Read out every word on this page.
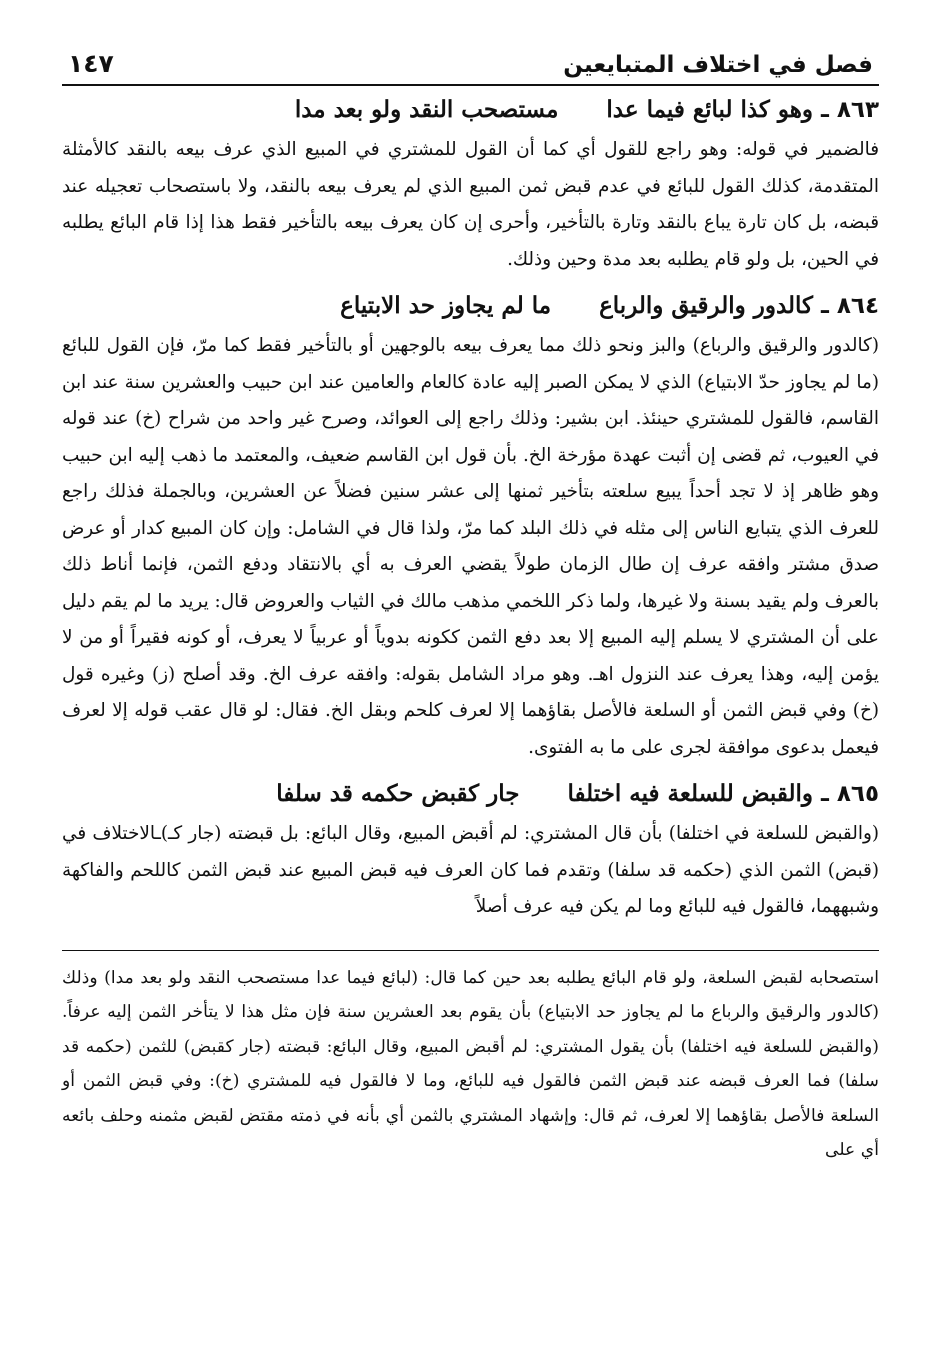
فصل في اختلاف المتبايعين
١٤٧
٨٦٣ ـ
وهو كذا لبائع فيما عدا
مستصحب النقد ولو بعد مدا

فالضمير في قوله: وهو راجع للقول أي كما أن القول للمشتري في المبيع الذي عرف بيعه بالنقد كالأمثلة المتقدمة، كذلك القول للبائع في عدم قبض ثمن المبيع الذي لم يعرف بيعه بالنقد، ولا باستصحاب تعجيله عند قبضه، بل كان تارة يباع بالنقد وتارة بالتأخير، وأحرى إن كان يعرف بيعه بالتأخير فقط هذا إذا قام البائع يطلبه في الحين، بل ولو قام يطلبه بعد مدة وحين وذلك.

٨٦٤ ـ
كالدور والرقيق والرباع
ما لم يجاوز حد الابتياع

(كالدور والرقيق والرباع) والبز ونحو ذلك مما يعرف بيعه بالوجهين أو بالتأخير فقط كما مرّ، فإن القول للبائع (ما لم يجاوز حدّ الابتياع) الذي لا يمكن الصبر إليه عادة كالعام والعامين عند ابن حبيب والعشرين سنة عند ابن القاسم، فالقول للمشتري حينئذ. ابن بشير: وذلك راجع إلى العوائد، وصرح غير واحد من شراح (خ) عند قوله في العيوب، ثم قضى إن أثبت عهدة مؤرخة الخ. بأن قول ابن القاسم ضعيف، والمعتمد ما ذهب إليه ابن حبيب وهو ظاهر إذ لا تجد أحداً يبيع سلعته بتأخير ثمنها إلى عشر سنين فضلاً عن العشرين، وبالجملة فذلك راجع للعرف الذي يتبايع الناس إلى مثله في ذلك البلد كما مرّ، ولذا قال في الشامل: وإن كان المبيع كدار أو عرض صدق مشتر وافقه عرف إن طال الزمان طولاً يقضي العرف به أي بالانتقاد ودفع الثمن، فإنما أناط ذلك بالعرف ولم يقيد بسنة ولا غيرها، ولما ذكر اللخمي مذهب مالك في الثياب والعروض قال: يريد ما لم يقم دليل على أن المشتري لا يسلم إليه المبيع إلا بعد دفع الثمن ككونه بدوياً أو عربياً لا يعرف، أو كونه فقيراً أو من لا يؤمن إليه، وهذا يعرف عند النزول اهـ. وهو مراد الشامل بقوله: وافقه عرف الخ. وقد أصلح (ز) وغيره قول (خ) وفي قبض الثمن أو السلعة فالأصل بقاؤهما إلا لعرف كلحم وبقل الخ. فقال: لو قال عقب قوله إلا لعرف فيعمل بدعوى موافقة لجرى على ما به الفتوى.

٨٦٥ ـ
والقبض للسلعة فيه اختلفا
جار كقبض حكمه قد سلفا

(والقبض للسلعة في اختلفا) بأن قال المشتري: لم أقبض المبيع، وقال البائع: بل قبضته (جار كـ)ـالاختلاف في (قبض) الثمن الذي (حكمه قد سلفا) وتقدم فما كان العرف فيه قبض المبيع عند قبض الثمن كاللحم والفاكهة وشبههما، فالقول فيه للبائع وما لم يكن فيه عرف أصلاً

استصحابه لقبض السلعة، ولو قام البائع يطلبه بعد حين كما قال: (لبائع فيما عدا مستصحب النقد ولو بعد مدا) وذلك (كالدور والرقيق والرباع ما لم يجاوز حد الابتياع) بأن يقوم بعد العشرين سنة فإن مثل هذا لا يتأخر الثمن إليه عرفاً. (والقبض للسلعة فيه اختلفا) بأن يقول المشتري: لم أقبض المبيع، وقال البائع: قبضته (جار كقبض) للثمن (حكمه قد سلفا) فما العرف قبضه عند قبض الثمن فالقول فيه للبائع، وما لا فالقول فيه للمشتري (خ): وفي قبض الثمن أو السلعة فالأصل بقاؤهما إلا لعرف، ثم قال: وإشهاد المشتري بالثمن أي بأنه في ذمته مقتض لقبض مثمنه وحلف بائعه أي على
